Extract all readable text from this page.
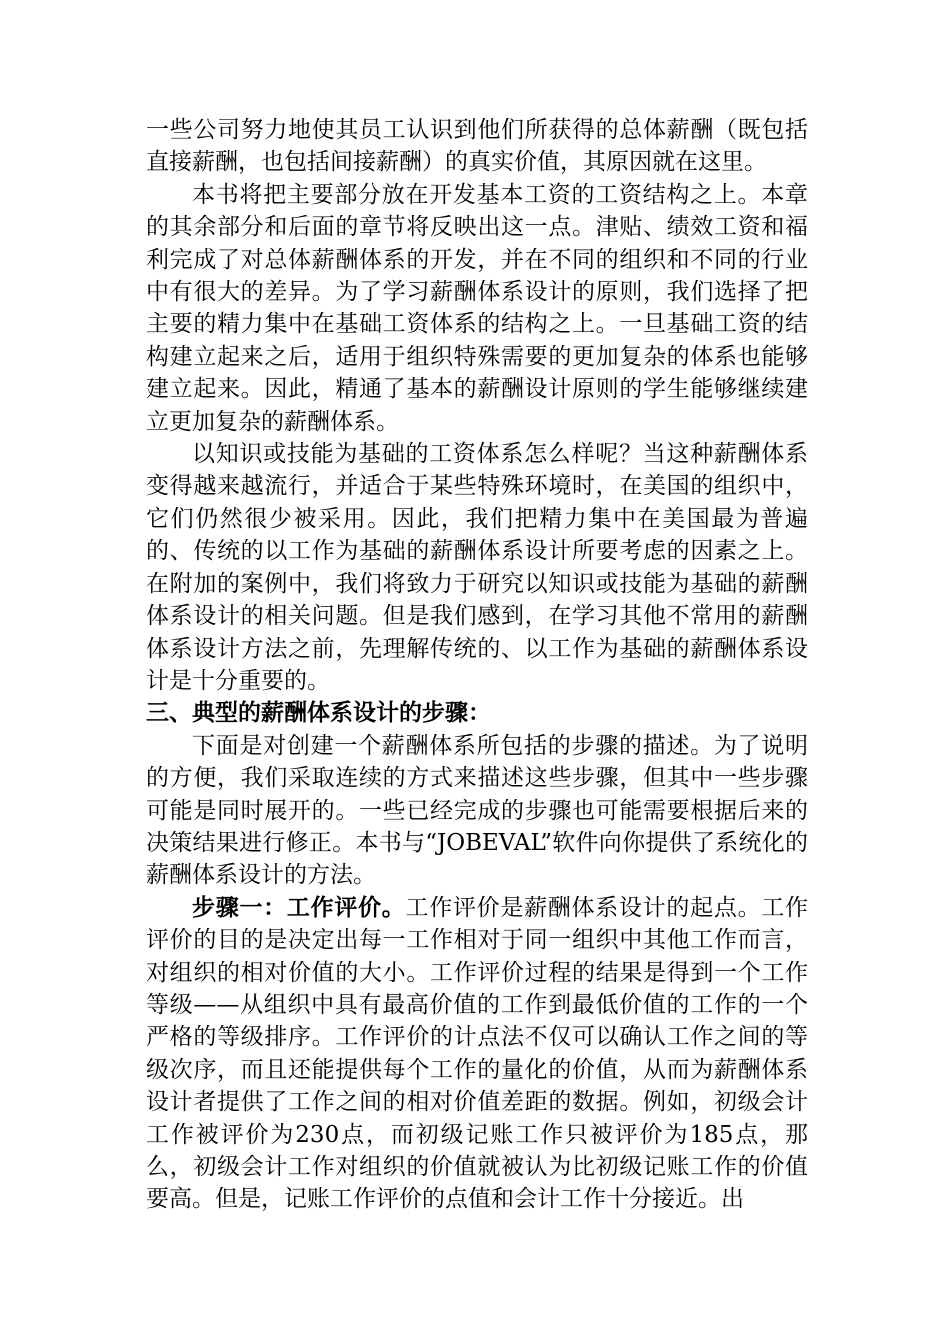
一些公司努力地使其员工认识到他们所获得的总体薪酬（既包括直接薪酬，也包括间接薪酬）的真实价值，其原因就在这里。

本书将把主要部分放在开发基本工资的工资结构之上。本章的其余部分和后面的章节将反映出这一点。津贴、绩效工资和福利完成了对总体薪酬体系的开发，并在不同的组织和不同的行业中有很大的差异。为了学习薪酬体系设计的原则，我们选择了把主要的精力集中在基础工资体系的结构之上。一旦基础工资的结构建立起来之后，适用于组织特殊需要的更加复杂的体系也能够建立起来。因此，精通了基本的薪酬设计原则的学生能够继续建立更加复杂的薪酬体系。

以知识或技能为基础的工资体系怎么样呢？当这种薪酬体系变得越来越流行，并适合于某些特殊环境时，在美国的组织中，它们仍然很少被采用。因此，我们把精力集中在美国最为普遍的、传统的以工作为基础的薪酬体系设计所要考虑的因素之上。在附加的案例中，我们将致力于研究以知识或技能为基础的薪酬体系设计的相关问题。但是我们感到，在学习其他不常用的薪酬体系设计方法之前，先理解传统的、以工作为基础的薪酬体系设计是十分重要的。

三、典型的薪酬体系设计的步骤：

下面是对创建一个薪酬体系所包括的步骤的描述。为了说明的方便，我们采取连续的方式来描述这些步骤，但其中一些步骤可能是同时展开的。一些已经完成的步骤也可能需要根据后来的决策结果进行修正。本书与“JOBEVAL”软件向你提供了系统化的薪酬体系设计的方法。

步骤一：工作评价。工作评价是薪酬体系设计的起点。工作评价的目的是决定出每一工作相对于同一组织中其他工作而言，对组织的相对价值的大小。工作评价过程的结果是得到一个工作等级——从组织中具有最高价值的工作到最低价值的工作的一个严格的等级排序。工作评价的计点法不仅可以确认工作之间的等级次序，而且还能提供每个工作的量化的价值，从而为薪酬体系设计者提供了工作之间的相对价值差距的数据。例如，初级会计工作被评价为230点，而初级记账工作只被评价为185点，那么，初级会计工作对组织的价值就被认为比初级记账工作的价值要高。但是，记账工作评价的点值和会计工作十分接近。出
